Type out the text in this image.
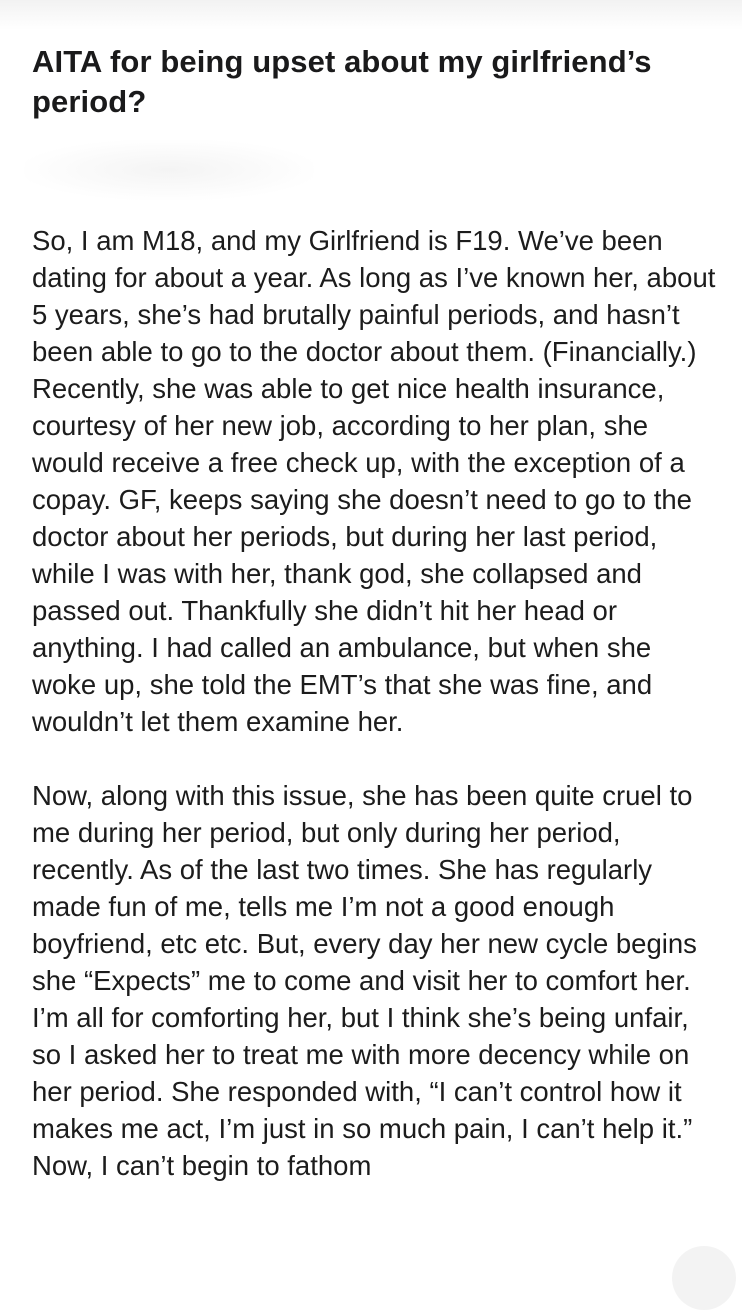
AITA for being upset about my girlfriend’s period?

So, I am M18, and my Girlfriend is F19. We’ve been dating for about a year. As long as I’ve known her, about 5 years, she’s had brutally painful periods, and hasn’t been able to go to the doctor about them. (Financially.) Recently, she was able to get nice health insurance, courtesy of her new job, according to her plan, she would receive a free check up, with the exception of a copay. GF, keeps saying she doesn’t need to go to the doctor about her periods, but during her last period, while I was with her, thank god, she collapsed and passed out. Thankfully she didn’t hit her head or anything. I had called an ambulance, but when she woke up, she told the EMT’s that she was fine, and wouldn’t let them examine her.

Now, along with this issue, she has been quite cruel to me during her period, but only during her period, recently. As of the last two times. She has regularly made fun of me, tells me I’m not a good enough boyfriend, etc etc. But, every day her new cycle begins she “Expects” me to come and visit her to comfort her. I’m all for comforting her, but I think she’s being unfair, so I asked her to treat me with more decency while on her period. She responded with, “I can’t control how it makes me act, I’m just in so much pain, I can’t help it.” Now, I can’t begin to fathom
